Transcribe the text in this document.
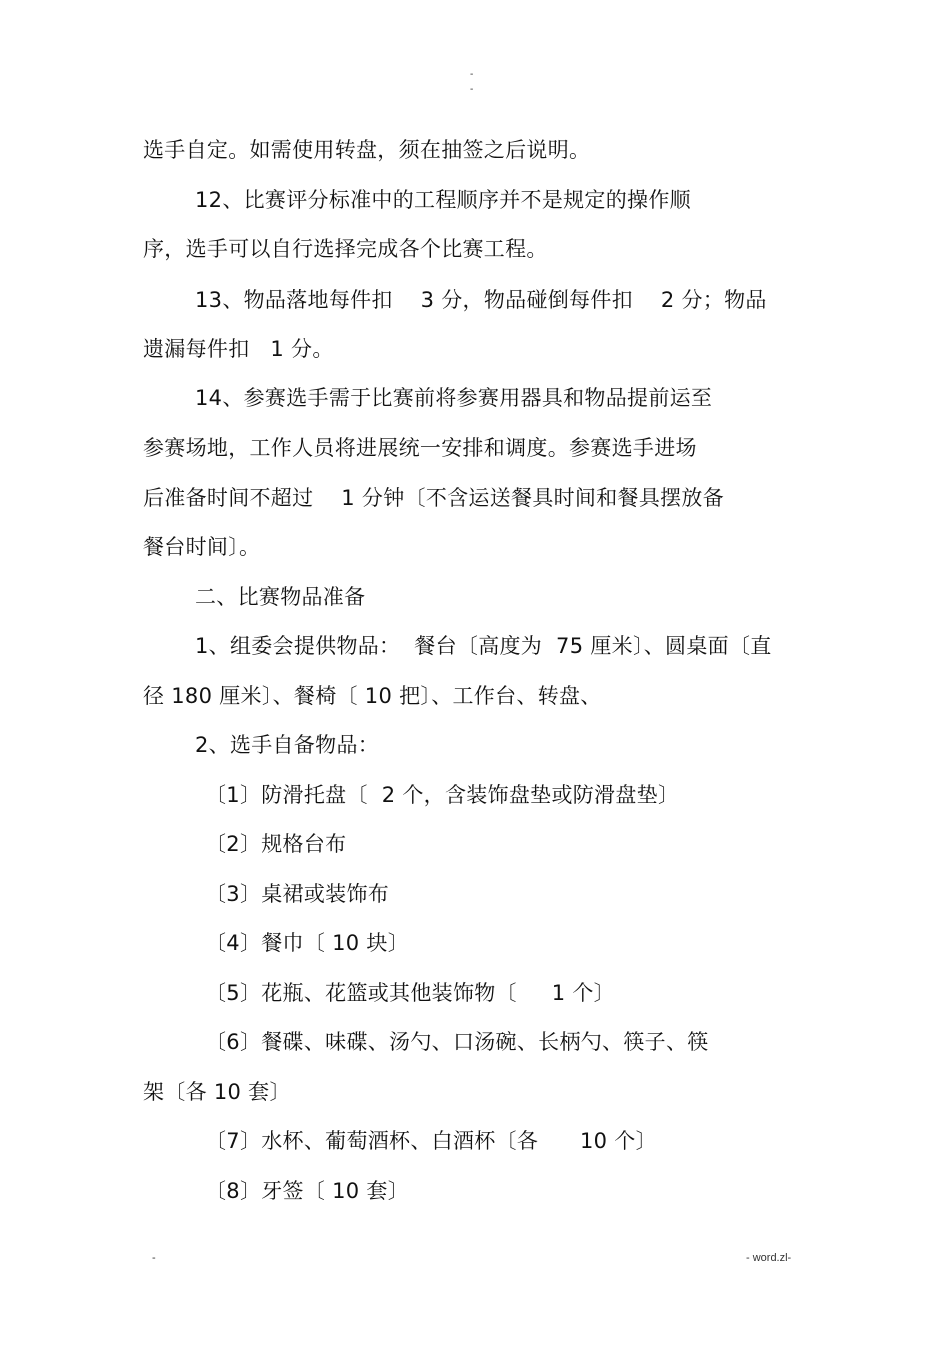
-
-
选手自定。如需使用转盘，须在抽签之后说明。
12、比赛评分标准中的工程顺序并不是规定的操作顺
序，选手可以自行选择完成各个比赛工程。
13、物品落地每件扣    3 分，物品碰倒每件扣    2 分；物品
遗漏每件扣   1 分。
14、参赛选手需于比赛前将参赛用器具和物品提前运至
参赛场地，工作人员将进展统一安排和调度。参赛选手进场
后准备时间不超过    1 分钟〔不含运送餐具时间和餐具摆放备
餐台时间〕。
二、比赛物品准备
1、组委会提供物品：  餐台〔高度为  75 厘米〕、圆桌面〔直
径 180 厘米〕、餐椅〔 10 把〕、工作台、转盘、
2、选手自备物品：
〔1〕防滑托盘〔  2 个，含装饰盘垫或防滑盘垫〕
〔2〕规格台布
〔3〕桌裙或装饰布
〔4〕餐巾〔 10 块〕
〔5〕花瓶、花篮或其他装饰物〔     1 个〕
〔6〕餐碟、味碟、汤勺、口汤碗、长柄勺、筷子、筷
架〔各 10 套〕
〔7〕水杯、葡萄酒杯、白酒杯〔各      10 个〕
〔8〕牙签〔 10 套〕
-	- word.zl-
